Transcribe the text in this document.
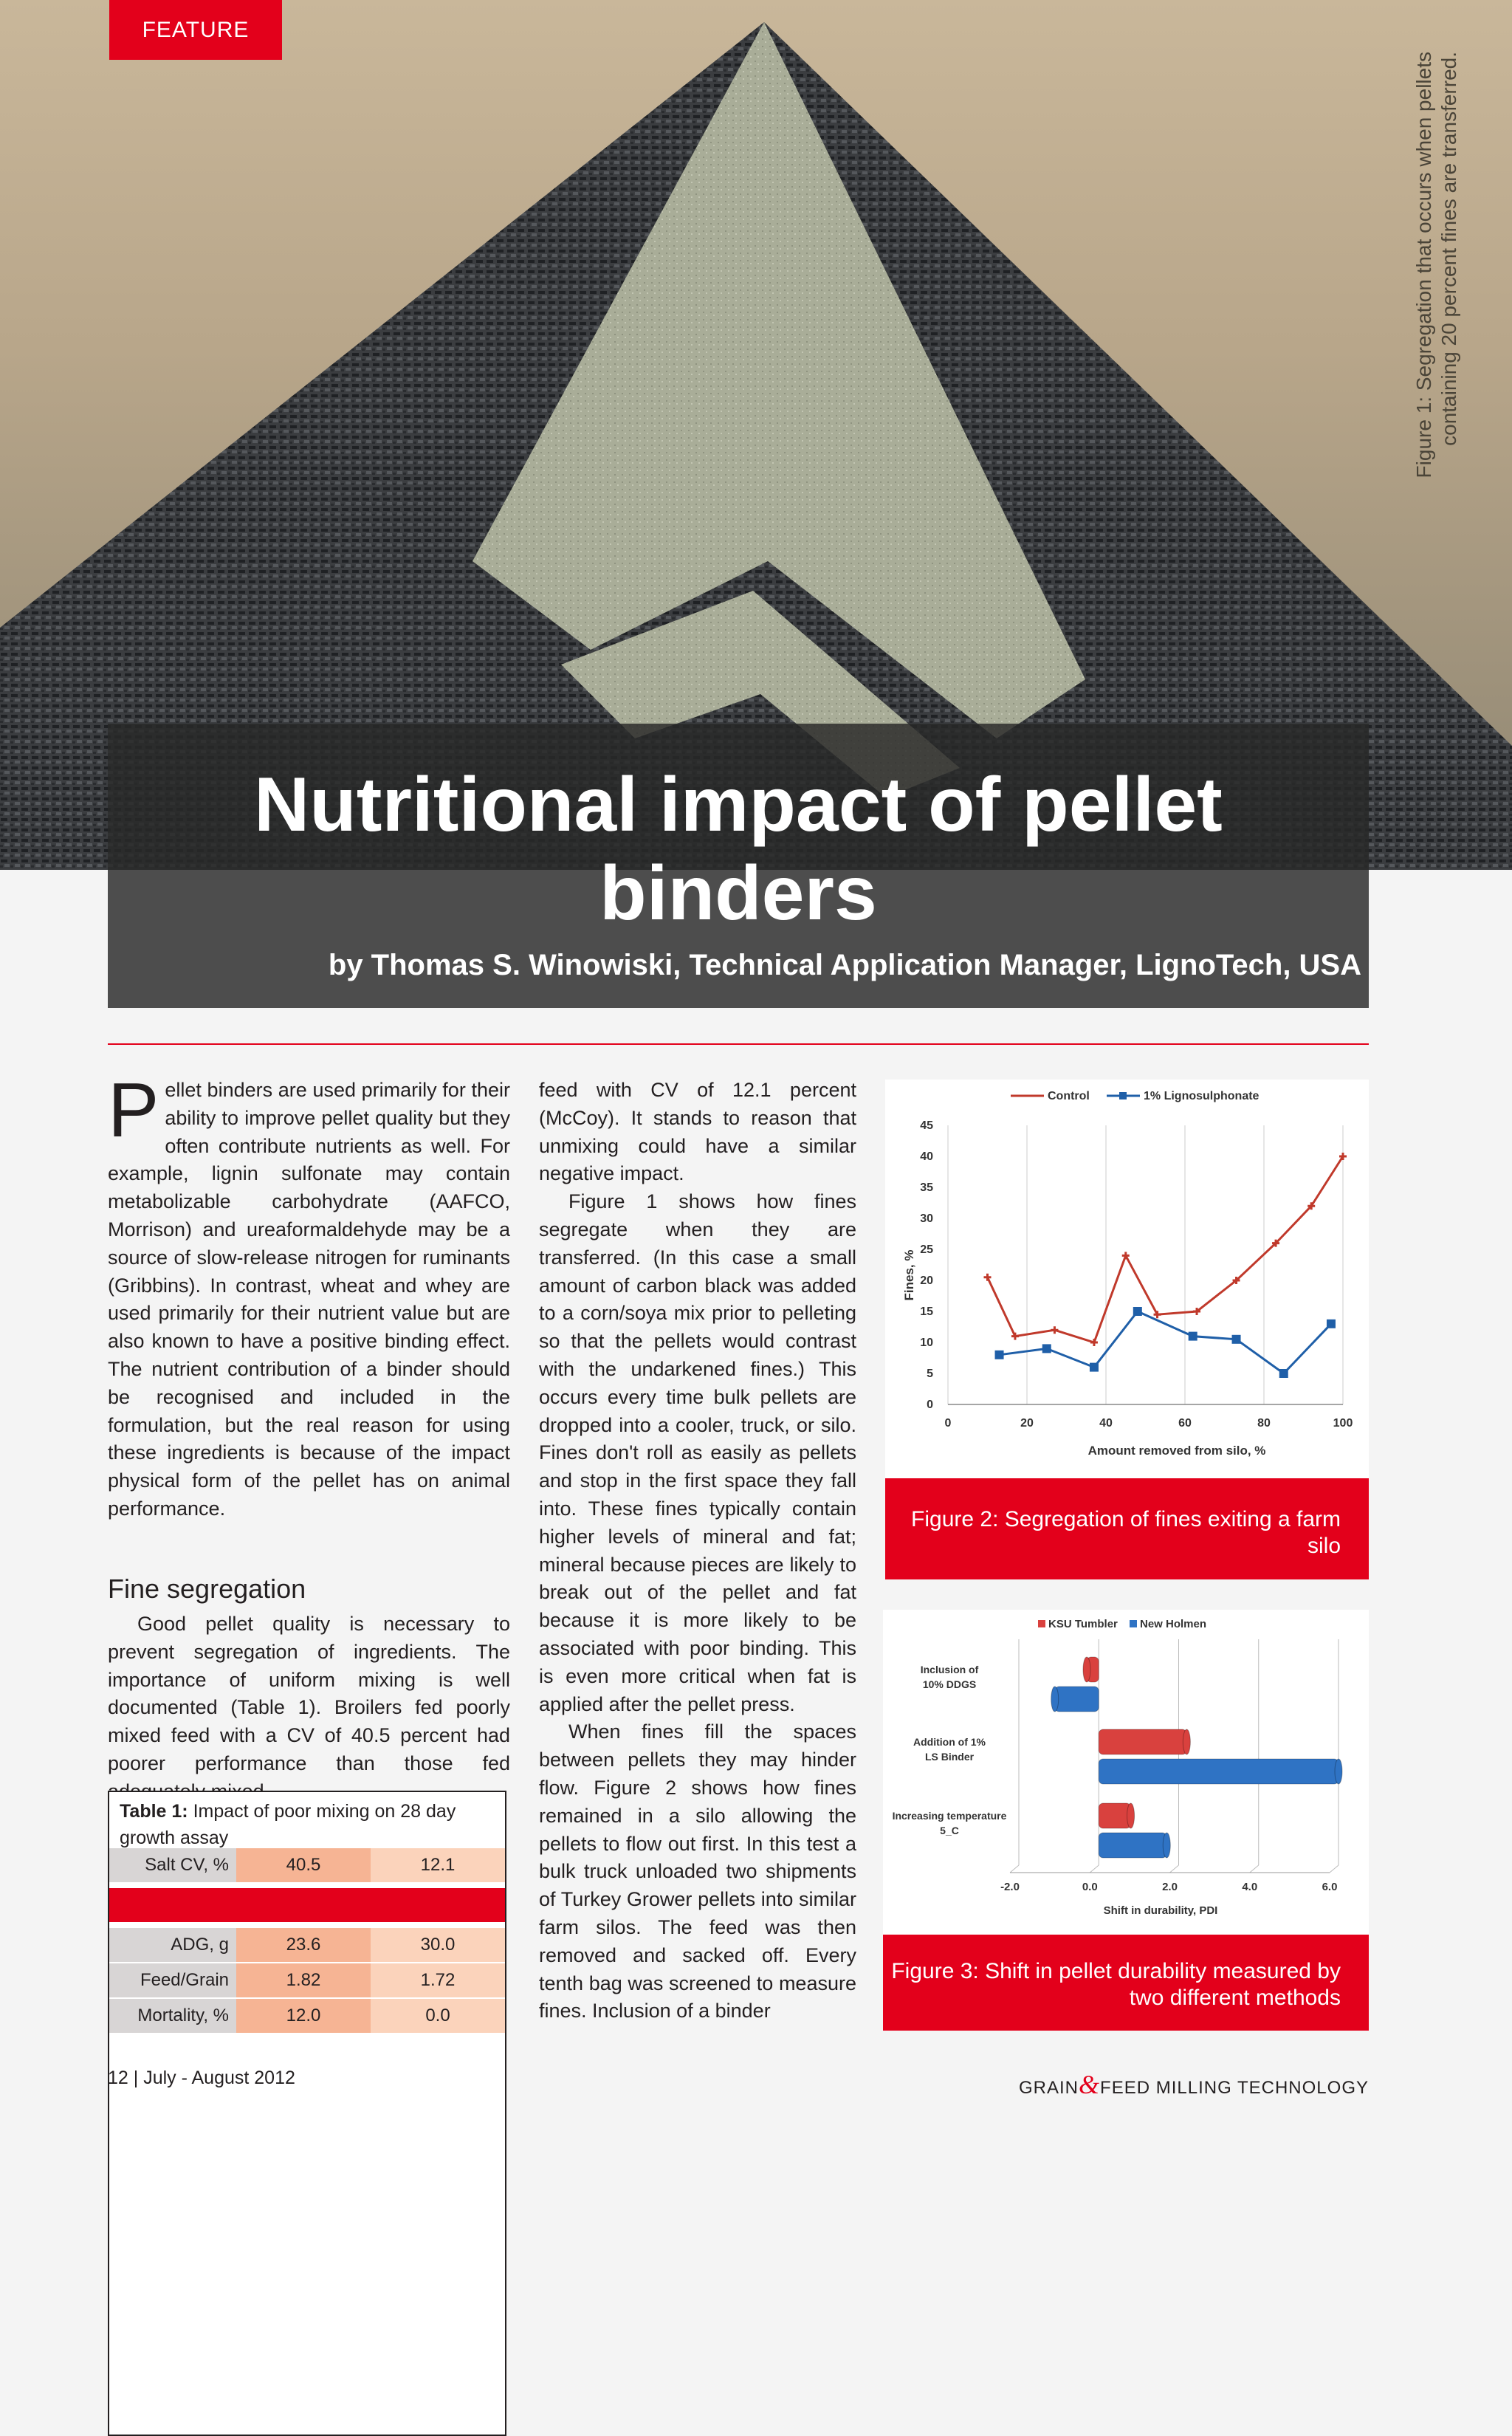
FEATURE
Figure 1: Segregation that occurs when pellets containing 20 percent fines are transferred.
Nutritional impact of pellet binders
by Thomas S. Winowiski, Technical Application Manager, LignoTech, USA

Pellet binders are used primarily for their ability to improve pellet quality but they often contribute nutrients as well. For example, lignin sulfonate may contain metabolizable carbohydrate (AAFCO, Morrison) and ureaformaldehyde may be a source of slow-release nitrogen for ruminants (Gribbins). In contrast, wheat and whey are used primarily for their nutrient value but are also known to have a positive binding effect. The nutrient contribution of a binder should be recognised and included in the formulation, but the real reason for using these ingredients is because of the impact physical form of the pellet has on animal performance.

Fine segregation

Good pellet quality is necessary to prevent segregation of ingredients. The importance of uniform mixing is well documented (Table 1). Broilers fed poorly mixed feed with a CV of 40.5 percent had poorer performance than those fed

Table 1: Impact of poor mixing on 28 day growth assay
Salt CV, %	40.5	12.1
ADG, g	23.6	30.0
Feed/Grain	1.82	1.72
Mortality, %	12.0	0.0

feed with CV of 12.1 percent (McCoy). It stands to reason that unmixing could have a similar negative impact.

Figure 1 shows how fines segregate when they are transferred. (In this case a small amount of carbon black was added to a corn/soya mix prior to pelleting so that the pellets would contrast with the undarkened fines.) This occurs every time bulk pellets are dropped into a cooler, truck, or silo. Fines don't roll as easily as pellets and stop in the first space they fall into. These fines typically contain higher levels of mineral and fat; mineral because pieces are likely to break out of the pellet and fat because it is more likely to be associated with poor binding. This is even more critical when fat is applied after the pellet press.

When fines fill the spaces between pellets they may hinder flow. Figure 2 shows how fines remained in a silo allowing the pellets to flow out first. In this test a bulk truck unloaded two shipments of Turkey Grower pellets into similar farm silos. The feed was then removed and sacked off. Every tenth bag was screened to measure fines. Inclusion of a binder

0	20	40	60	80	100
0
5
10
15
20
25
30
35
40
45
Control	1% Lignosulphonate
Amount removed from silo, %
Fines, %
Figure 2: Segregation of fines exiting a farm silo
KSU Tumbler New Holmen
-2.0	0.0	2.0	4.0	6.0
Inclusion of
10% DDGS
Addition of 1%
LS Binder
Increasing temperature
5_C
Shift in durability, PDI
Figure 3: Shift in pellet durability measured by two different methods
12 | July - August 2012	GRAIN&FEED MILLING TECHNOLOGY
